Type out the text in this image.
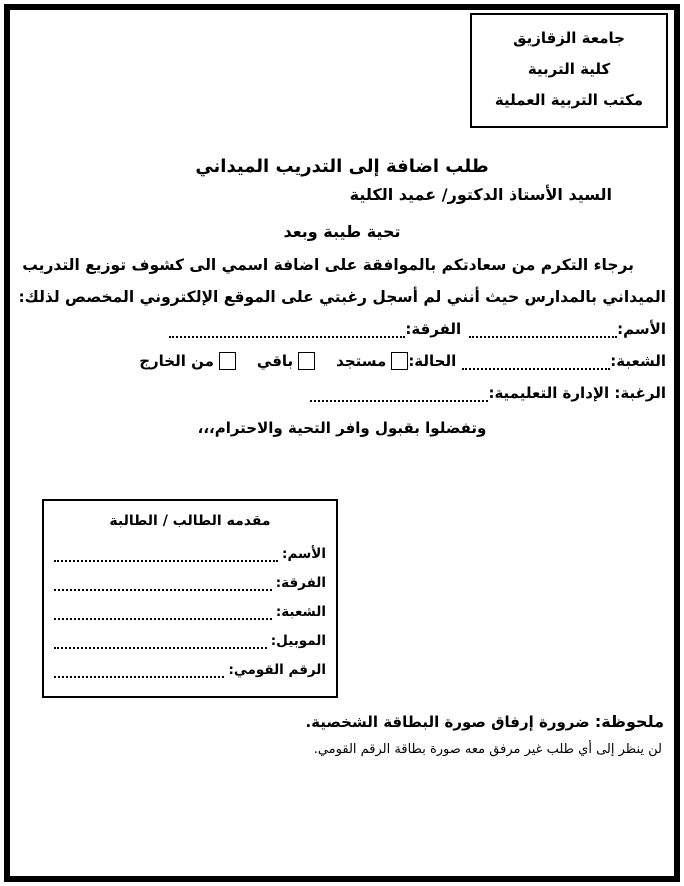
جامعة الزقازيق
كلية التربية
مكتب التربية العملية
طلب اضافة إلى التدريب الميداني
السيد الأستاذ الدكتور/ عميد الكلية
تحية طيبة وبعد
برجاء التكرم من سعادتكم بالموافقة على اضافة اسمي الى كشوف توزيع التدريب
الميداني بالمدارس حيث أنني لم أسجل رغبتي على الموقع الإلكتروني المخصص لذلك:
الأسم:
الفرقة:
الشعبة:
الحالة:
مستجد
باقي
من الخارج
الرغبة: الإدارة التعليمية:
وتفضلوا بقبول وافر التحية والاحترام،،،
مقدمه الطالب / الطالبة
الأسم:
الفرقة:
الشعبة:
الموبيل:
الرقم القومي:
ملحوظة: ضرورة إرفاق صورة البطاقة الشخصية.
لن ينظر إلى أي طلب غير مرفق معه صورة بطاقة الرقم القومي.
